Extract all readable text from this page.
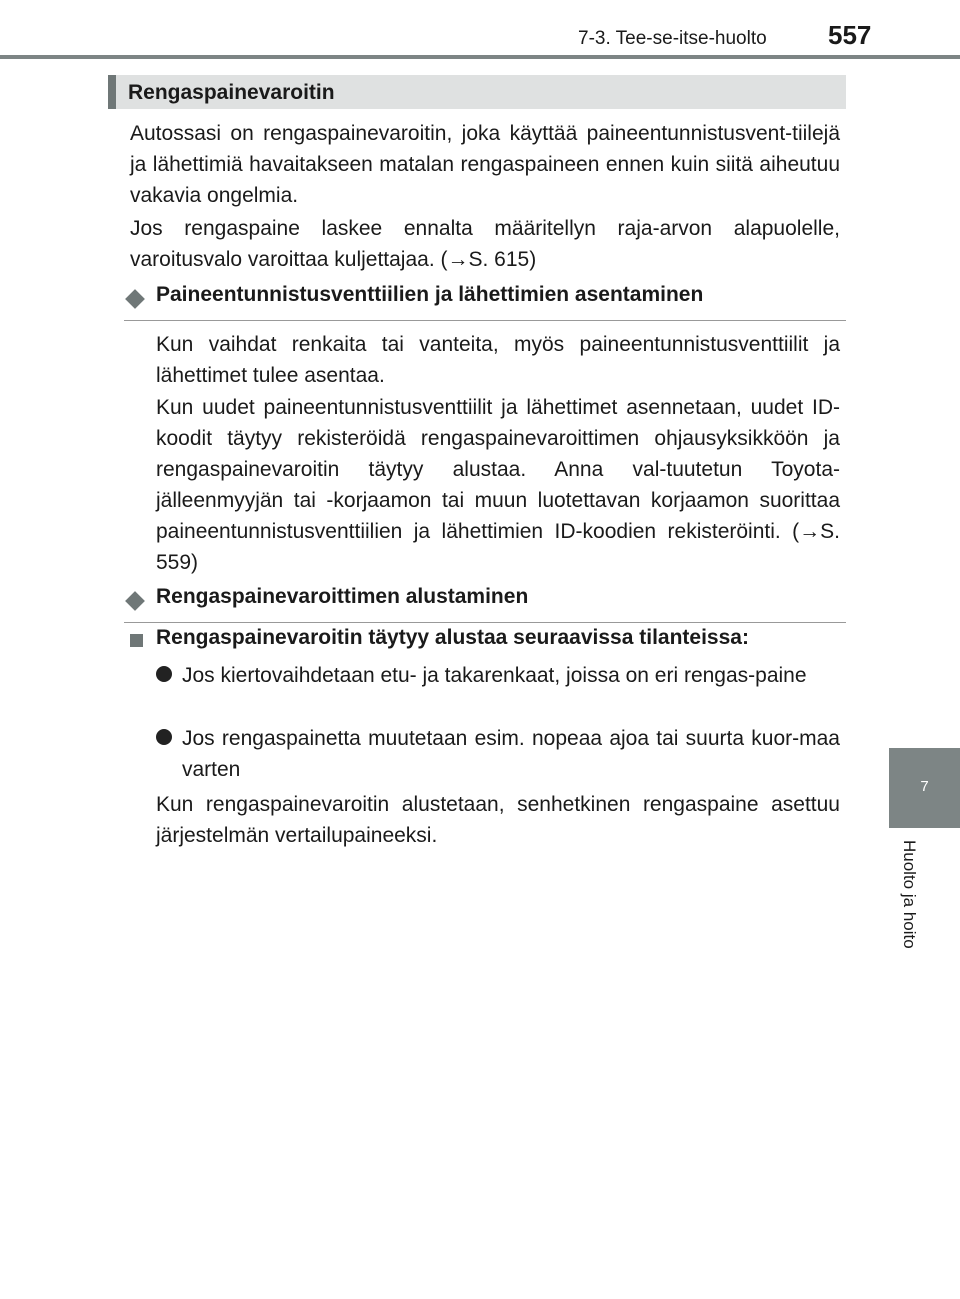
7-3. Tee-se-itse-huolto 557
7
Huolto ja hoito
Rengaspainevaroitin
Autossasi on rengaspainevaroitin, joka käyttää paineentunnistusvent-tiilejä ja lähettimiä havaitakseen matalan rengaspaineen ennen kuin siitä aiheutuu vakavia ongelmia.
Jos rengaspaine laskee ennalta määritellyn raja-arvon alapuolelle, varoitusvalo varoittaa kuljettajaa. (→S. 615)
Paineentunnistusventtiilien ja lähettimien asentaminen
Kun vaihdat renkaita tai vanteita, myös paineentunnistusventtiilit ja lähettimet tulee asentaa.
Kun uudet paineentunnistusventtiilit ja lähettimet asennetaan, uudet ID-koodit täytyy rekisteröidä rengaspainevaroittimen ohjausyksikköön ja rengaspainevaroitin täytyy alustaa. Anna val-tuutetun Toyota-jälleenmyyjän tai -korjaamon tai muun luotettavan korjaamon suorittaa paineentunnistusventtiilien ja lähettimien ID-koodien rekisteröinti. (→S. 559)
Rengaspainevaroittimen alustaminen
Rengaspainevaroitin täytyy alustaa seuraavissa tilanteissa:
Jos kiertovaihdetaan etu- ja takarenkaat, joissa on eri rengas-paine
Jos rengaspainetta muutetaan esim. nopeaa ajoa tai suurta kuor-maa varten
Kun rengaspainevaroitin alustetaan, senhetkinen rengaspaine asettuu järjestelmän vertailupaineeksi.
